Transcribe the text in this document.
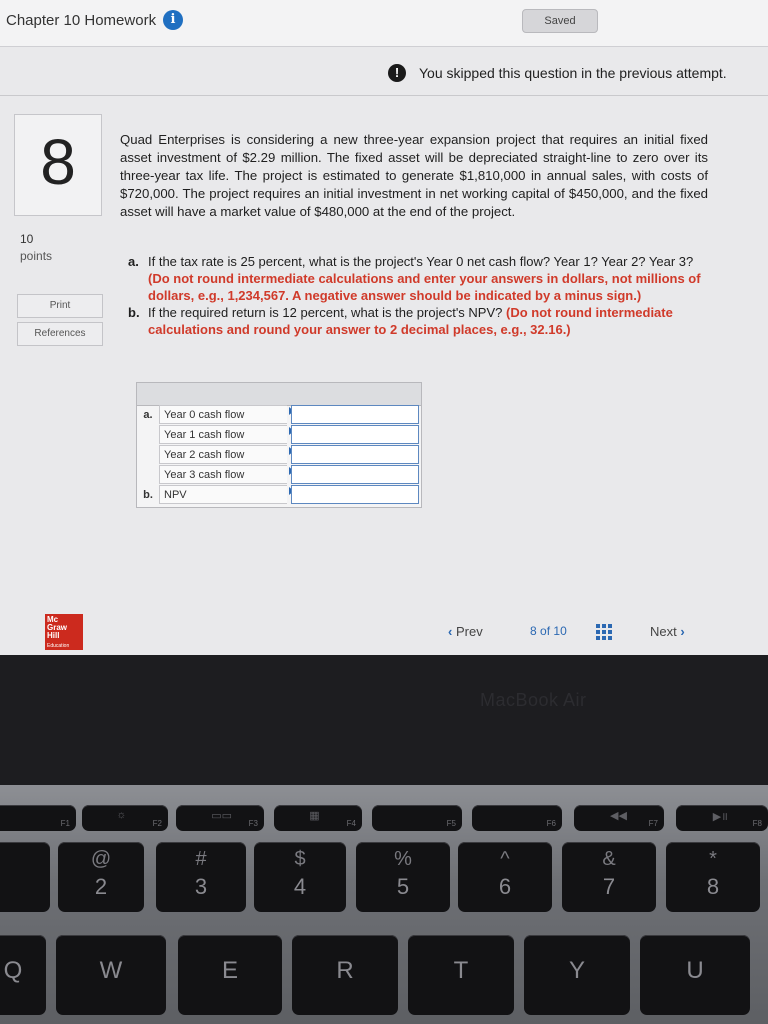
Chapter 10 Homework	i	Saved
!	You skipped this question in the previous attempt.
8
10
points
Print
References
Quad Enterprises is considering a new three-year expansion project that requires an initial fixed asset investment of $2.29 million. The fixed asset will be depreciated straight-line to zero over its three-year tax life. The project is estimated to generate $1,810,000 in annual sales, with costs of $720,000. The project requires an initial investment in net working capital of $450,000, and the fixed asset will have a market value of $480,000 at the end of the project.
a. If the tax rate is 25 percent, what is the project's Year 0 net cash flow? Year 1? Year 2? Year 3? (Do not round intermediate calculations and enter your answers in dollars, not millions of dollars, e.g., 1,234,567. A negative answer should be indicated by a minus sign.)
b. If the required return is 12 percent, what is the project's NPV? (Do not round intermediate calculations and round your answer to 2 decimal places, e.g., 32.16.)
a.	Year 0 cash flow
Year 1 cash flow
Year 2 cash flow
Year 3 cash flow
b.	NPV
Mc
Graw
Hill
Education
‹ Prev	8 of 10	Next ›
MacBook Air
F1
☼
F2
▭▭
F3
▦
F4	F5	F6
◀◀
F7
▶॥
F8
@
2
#
3
$
4
%
5
^
6
&
7
*
8
Q	W	E	R	T	Y	U
